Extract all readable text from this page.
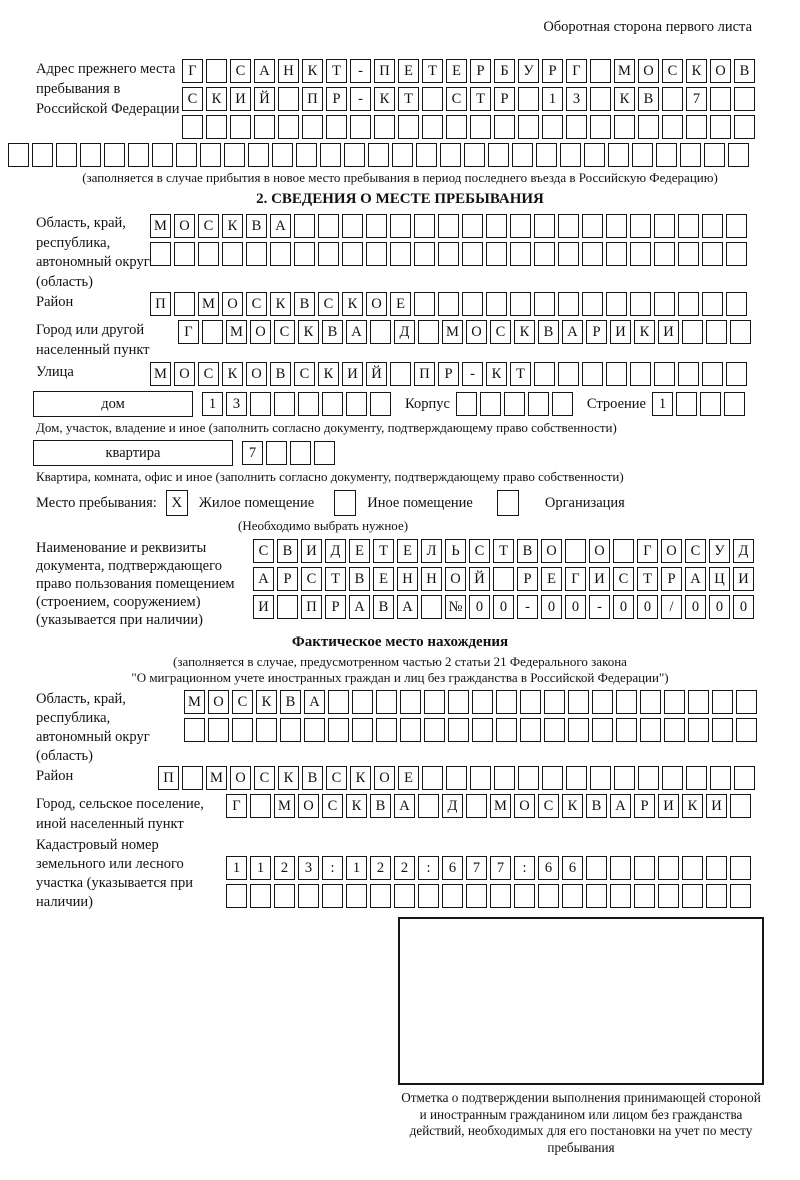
Оборотная сторона первого листа
Адрес прежнего места пребывания в Российской Федерации
Г	С А Н К	Т	-	П Е	Т	Е	Р	Б	У	Р	Г	М О С К О В
С К И Й	П	Р	-	К	Т	С	Т	Р	1	3	К В	7
(заполняется в случае прибытия в новое место пребывания в период последнего въезда в Российскую Федерацию)
2. СВЕДЕНИЯ О МЕСТЕ ПРЕБЫВАНИЯ
Область, край, республика, автономный округ (область)
М О С К В А
Район	П	М О С К В С К О Е
Город или другой населенный пункт
Г	М О С К В А	Д	М О С К В А	Р	И К И
Улица	М О С К О В С К И Й	П	Р	-	К	Т
дом	1	3	Корпус	Строение 1
Дом, участок, владение и иное (заполнить согласно документу, подтверждающему право собственности)
квартира	7
Квартира, комната, офис и иное (заполнить согласно документу, подтверждающему право собственности)
Место пребывания: X	Жилое помещение	Иное помещение	Организация
(Необходимо выбрать нужное)
Наименование и реквизиты документа, подтверждающего право пользования помещением (строением, сооружением) (указывается при наличии)
С В И Д	Е	Т	Е	Л	Ь	С	Т	В О	О	Г	О С У Д
А	Р	С	Т	В	Е Н Н О Й	Р	Е	Г	И С	Т	Р	А Ц И
И	П	Р	А В А	№ 0	0	-	0	0	-	0	0	/	0	0	0
Фактическое место нахождения
(заполняется в случае, предусмотренном частью 2 статьи 21 Федерального закона
"О миграционном учете иностранных граждан и лиц без гражданства в Российской Федерации")
Область, край, республика, автономный округ (область)
М О С К В А
Район	П	М О С К В С К О Е
Город, сельское поселение, иной населенный пункт
Г	М О С К В А	Д	М О С К В А	Р	И К И
Кадастровый номер земельного или лесного участка (указывается при наличии)
1	1	2	3	:	1	2	2	:	6	7	7	:	6	6
Отметка о подтверждении выполнения принимающей стороной и иностранным гражданином или лицом без гражданства действий, необходимых для его постановки на учет по месту пребывания
